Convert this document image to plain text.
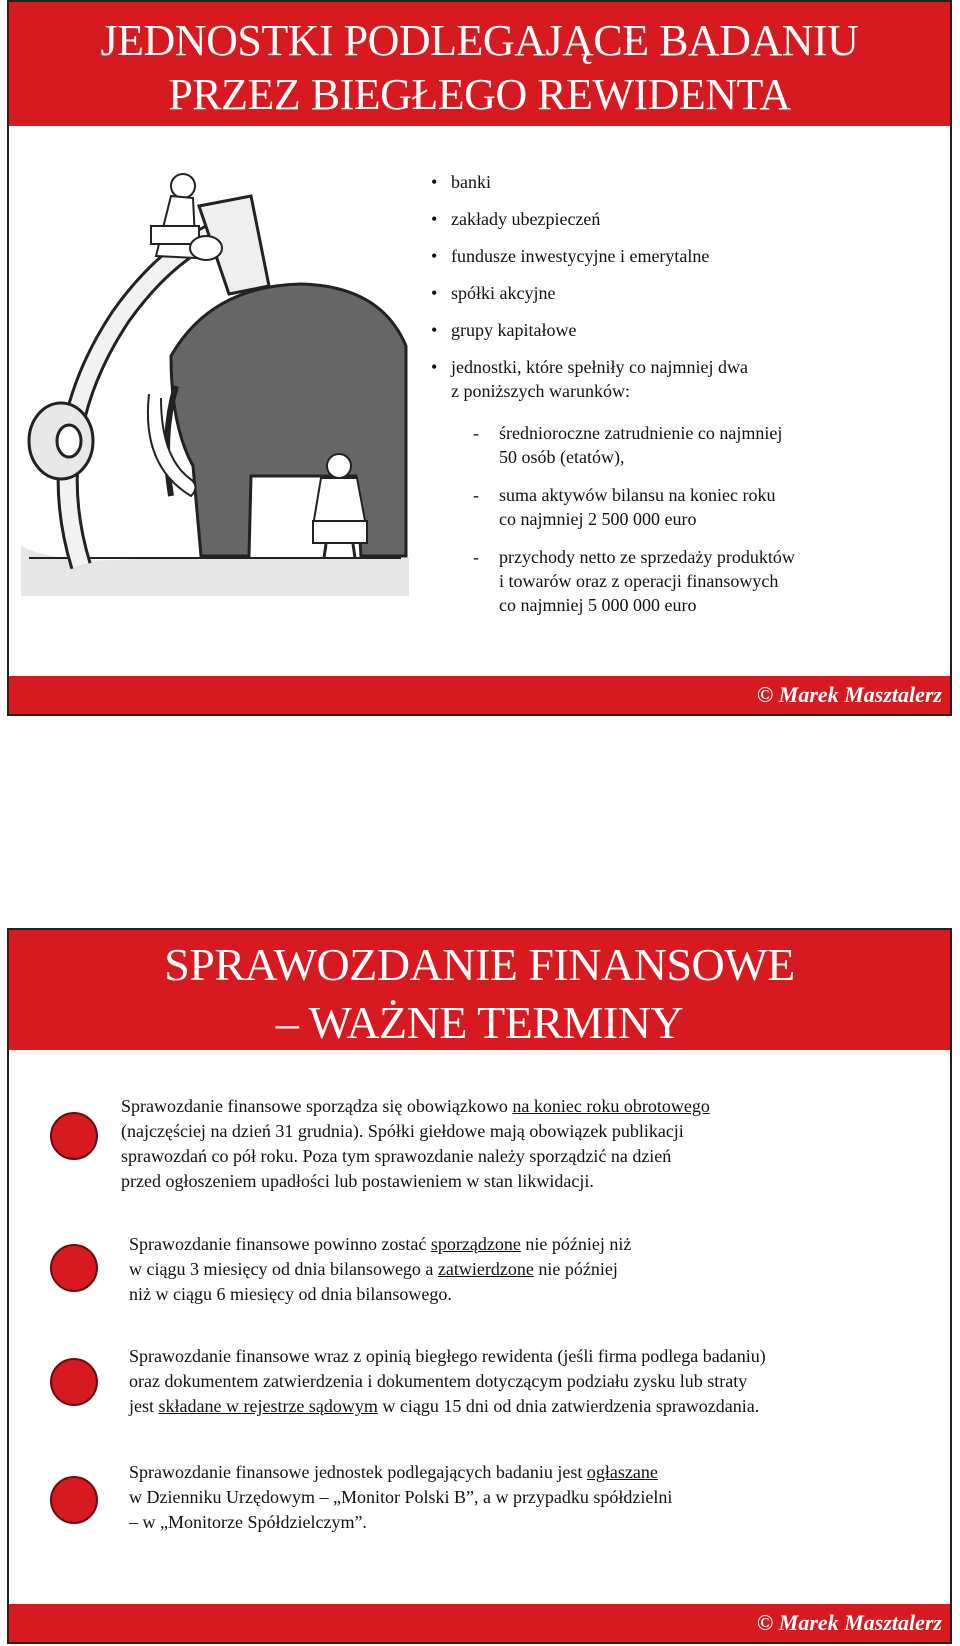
JEDNOSTKI PODLEGAJĄCE BADANIU
PRZEZ BIEGŁEGO REWIDENTA
• banki
• zakłady ubezpieczeń
• fundusze inwestycyjne i emerytalne
• spółki akcyjne
• grupy kapitałowe
• jednostki, które spełniły co najmniej dwa
z poniższych warunków:
- średnioroczne zatrudnienie co najmniej
50 osób (etatów),
- suma aktywów bilansu na koniec roku
co najmniej 2 500 000 euro
- przychody netto ze sprzedaży produktów
i towarów oraz z operacji finansowych
co najmniej 5 000 000 euro
© Marek Masztalerz
SPRAWOZDANIE FINANSOWE
– WAŻNE TERMINY
Sprawozdanie finansowe sporządza się obowiązkowo na koniec roku obrotowego
(najczęściej na dzień 31 grudnia). Spółki giełdowe mają obowiązek publikacji
sprawozdań co pół roku. Poza tym sprawozdanie należy sporządzić na dzień
przed ogłoszeniem upadłości lub postawieniem w stan likwidacji.
Sprawozdanie finansowe powinno zostać sporządzone nie później niż
w ciągu 3 miesięcy od dnia bilansowego a zatwierdzone nie później
niż w ciągu 6 miesięcy od dnia bilansowego.
Sprawozdanie finansowe wraz z opinią biegłego rewidenta (jeśli firma podlega badaniu)
oraz dokumentem zatwierdzenia i dokumentem dotyczącym podziału zysku lub straty
jest składane w rejestrze sądowym w ciągu 15 dni od dnia zatwierdzenia sprawozdania.
Sprawozdanie finansowe jednostek podlegających badaniu jest ogłaszane
w Dzienniku Urzędowym – „Monitor Polski B”, a w przypadku spółdzielni
– w „Monitorze Spółdzielczym”.
© Marek Masztalerz
